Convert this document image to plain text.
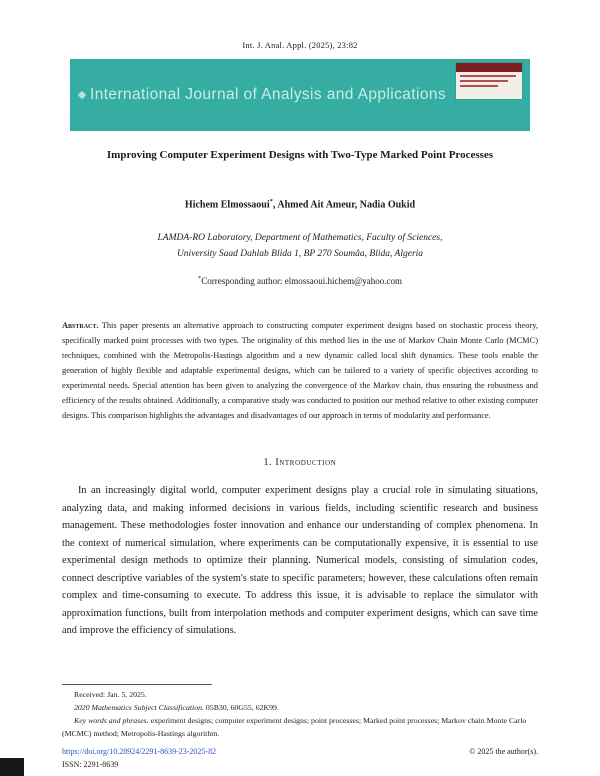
Int. J. Anal. Appl. (2025), 23:82
International Journal of Analysis and Applications
Improving Computer Experiment Designs with Two-Type Marked Point Processes
Hichem Elmossaoui*, Ahmed Ait Ameur, Nadia Oukid
LAMDA-RO Laboratory, Department of Mathematics, Faculty of Sciences,
University Saad Dahlab Blida 1, BP 270 Soumâa, Blida, Algeria
*Corresponding author: elmossaoui.hichem@yahoo.com

Abstract. This paper presents an alternative approach to constructing computer experiment designs based on stochastic process theory, specifically marked point processes with two types. The originality of this method lies in the use of Markov Chain Monte Carlo (MCMC) techniques, combined with the Metropolis-Hastings algorithm and a new dynamic called local shift dynamics. These tools enable the generation of highly flexible and adaptable experimental designs, which can be tailored to a variety of specific objectives according to experimental needs. Special attention has been given to analyzing the convergence of the Markov chain, thus ensuring the robustness and efficiency of the results obtained. Additionally, a comparative study was conducted to position our method relative to other existing computer designs. This comparison highlights the advantages and disadvantages of our approach in terms of modularity and performance.

1. Introduction

In an increasingly digital world, computer experiment designs play a crucial role in simulating situations, analyzing data, and making informed decisions in various fields, including scientific research and business management. These methodologies foster innovation and enhance our understanding of complex phenomena. In the context of numerical simulation, where experiments can be computationally expensive, it is essential to use experimental design methods to optimize their planning. Numerical models, consisting of simulation codes, connect descriptive variables of the system's state to specific parameters; however, these calculations often remain complex and time-consuming to execute. To address this issue, it is advisable to replace the simulator with approximation functions, built from interpolation methods and computer experiment designs, which can save time and improve the efficiency of simulations.

Received: Jan. 5, 2025.

2020 Mathematics Subject Classification. 05B30, 60G55, 62K99.

Key words and phrases. experiment designs; computer experiment designs; point processes; Marked point processes; Markov chain Monte Carlo (MCMC) method; Metropolis-Hastings algorithm.

https://doi.org/10.28924/2291-8639-23-2025-82	© 2025 the author(s).
ISSN: 2291-8639
